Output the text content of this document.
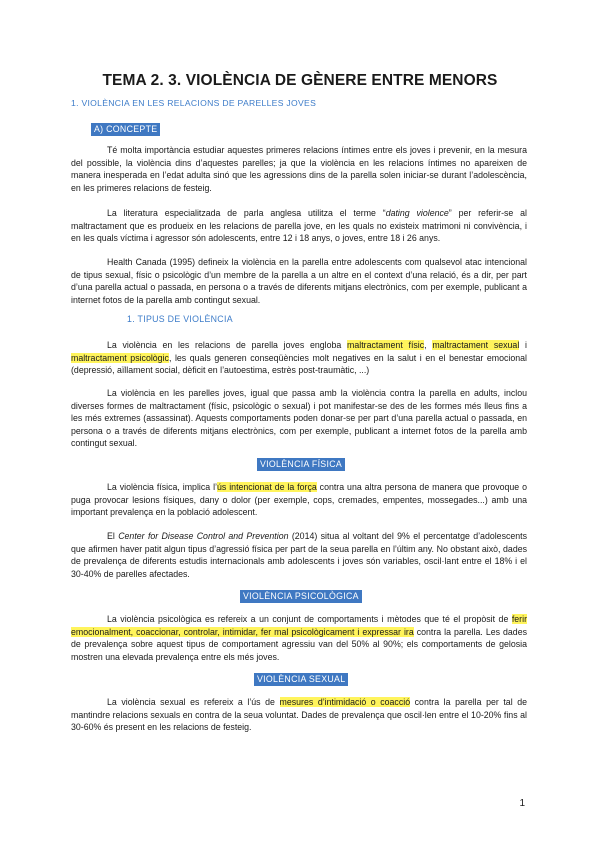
TEMA 2. 3. VIOLÈNCIA DE GÈNERE ENTRE MENORS
1. VIOLÈNCIA EN LES RELACIONS DE PARELLES JOVES
A) CONCEPTE

Té molta importància estudiar aquestes primeres relacions íntimes entre els joves i prevenir, en la mesura del possible, la violència dins d’aquestes parelles; ja que la violència en les relacions íntimes no apareixen de manera inesperada en l’edat adulta sinó que les agressions dins de la parella solen iniciar-se durant l’adolescència, en les primeres relacions de festeig.

La literatura especialitzada de parla anglesa utilitza el terme “dating violence” per referir-se al maltractament que es produeix en les relacions de parella jove, en les quals no existeix matrimoni ni convivència, i en les quals víctima i agressor són adolescents, entre 12 i 18 anys, o joves, entre 18 i 26 anys.

Health Canada (1995) defineix la violència en la parella entre adolescents com qualsevol atac intencional de tipus sexual, físic o psicològic d’un membre de la parella a un altre en el context d’una relació, és a dir, per part d’una parella actual o passada, en persona o a través de diferents mitjans electrònics, com per exemple, publicant a internet fotos de la parella amb contingut sexual.

1. TIPUS DE VIOLÈNCIA

La violència en les relacions de parella joves engloba maltractament físic, maltractament sexual i maltractament psicològic, les quals generen conseqüències molt negatives en la salut i en el benestar emocional (depressió, aïllament social, dèficit en l’autoestima, estrès post-traumàtic, ...)

La violència en les parelles joves, igual que passa amb la violència contra la parella en adults, inclou diverses formes de maltractament (físic, psicològic o sexual) i pot manifestar-se des de les formes més lleus fins a les més extremes (assassinat). Aquests comportaments poden donar-se per part d’una parella actual o passada, en persona o a través de diferents mitjans electrònics, com per exemple, publicant a internet fotos de la parella amb contingut sexual.

VIOLÈNCIA FÍSICA

La violència física, implica l’ús intencionat de la força contra una altra persona de manera que provoque o puga provocar lesions físiques, dany o dolor (per exemple, cops, cremades, empentes, mossegades...) amb una important prevalença en la població adolescent.

El Center for Disease Control and Prevention (2014) situa al voltant del 9% el percentatge d’adolescents que afirmen haver patit algun tipus d’agressió física per part de la seua parella en l’últim any. No obstant això, dades de prevalença de diferents estudis internacionals amb adolescents i joves són variables, oscil·lant entre el 18% i el 30-40% de parelles afectades.

VIOLÈNCIA PSICOLÒGICA

La violència psicològica es refereix a un conjunt de comportaments i mètodes que té el propòsit de ferir emocionalment, coaccionar, controlar, intimidar, fer mal psicològicament i expressar ira contra la parella. Les dades de prevalença sobre aquest tipus de comportament agressiu van del 50% al 90%; els comportaments de gelosia mostren una elevada prevalença entre els més joves.

VIOLÈNCIA SEXUAL

La violència sexual es refereix a l’ús de mesures d’intimidació o coacció contra la parella per tal de mantindre relacions sexuals en contra de la seua voluntat. Dades de prevalença que oscil·len entre el 10-20% fins al 30-60% és present en les relacions de festeig.

1
